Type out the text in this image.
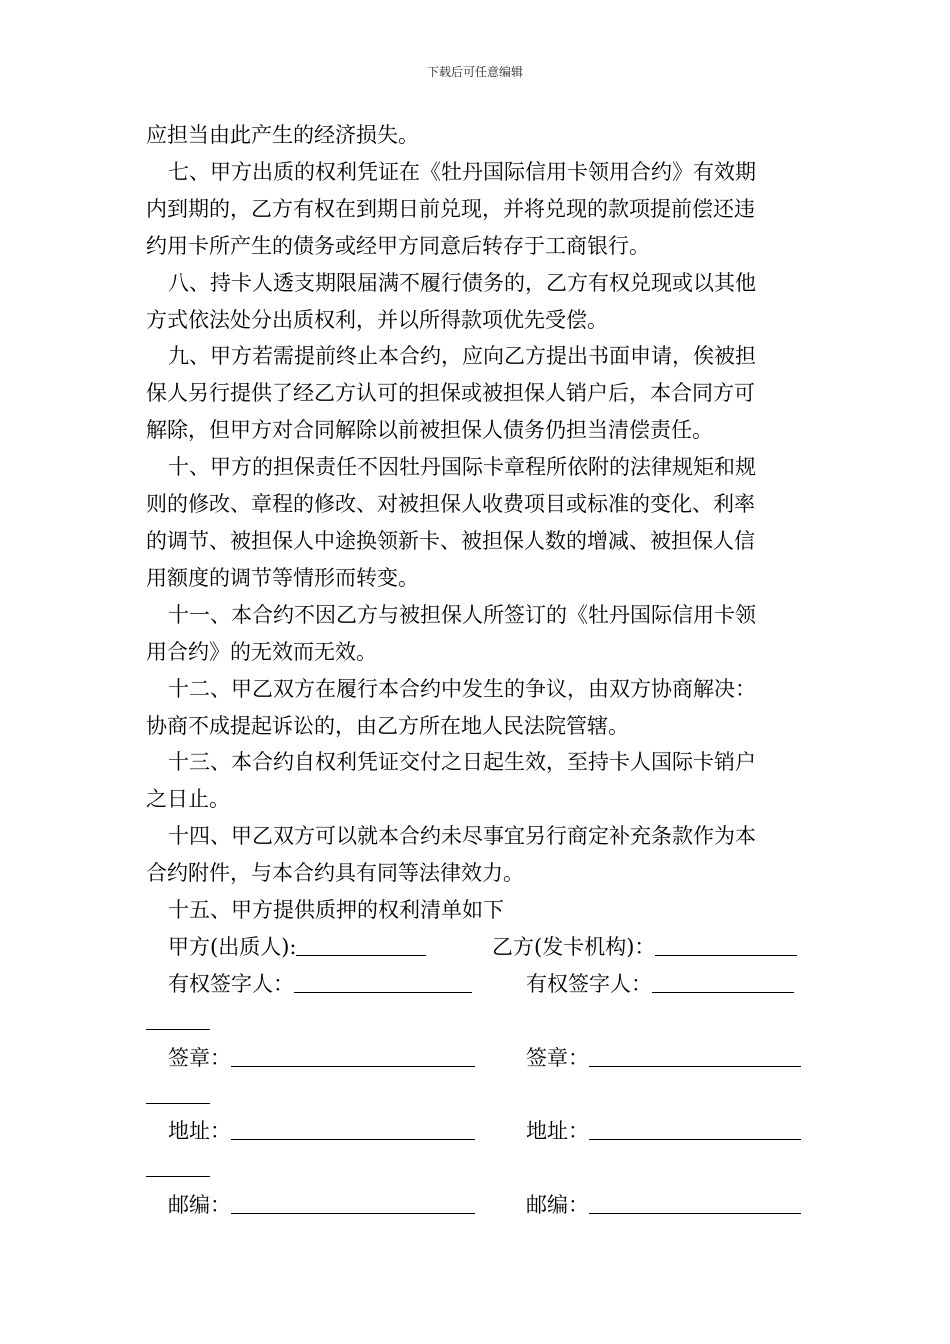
下载后可任意编辑

应担当由此产生的经济损失。

七、甲方出质的权利凭证在《牡丹国际信用卡领用合约》有效期

内到期的，乙方有权在到期日前兑现，并将兑现的款项提前偿还违

约用卡所产生的债务或经甲方同意后转存于工商银行。

八、持卡人透支期限届满不履行债务的，乙方有权兑现或以其他

方式依法处分出质权利，并以所得款项优先受偿。

九、甲方若需提前终止本合约，应向乙方提出书面申请，俟被担

保人另行提供了经乙方认可的担保或被担保人销户后，本合同方可

解除，但甲方对合同解除以前被担保人债务仍担当清偿责任。

十、甲方的担保责任不因牡丹国际卡章程所依附的法律规矩和规

则的修改、章程的修改、对被担保人收费项目或标准的变化、利率

的调节、被担保人中途换领新卡、被担保人数的增减、被担保人信

用额度的调节等情形而转变。

十一、本合约不因乙方与被担保人所签订的《牡丹国际信用卡领

用合约》的无效而无效。

十二、甲乙双方在履行本合约中发生的争议，由双方协商解决：

协商不成提起诉讼的，由乙方所在地人民法院管辖。

十三、本合约自权利凭证交付之日起生效，至持卡人国际卡销户

之日止。

十四、甲乙双方可以就本合约未尽事宜另行商定补充条款作为本

合约附件，与本合约具有同等法律效力。

十五、甲方提供质押的权利清单如下

甲方(出质人):	乙方(发卡机构)：
有权签字人：	有权签字人：
签章：	签章：
地址：	地址：
邮编：	邮编：
